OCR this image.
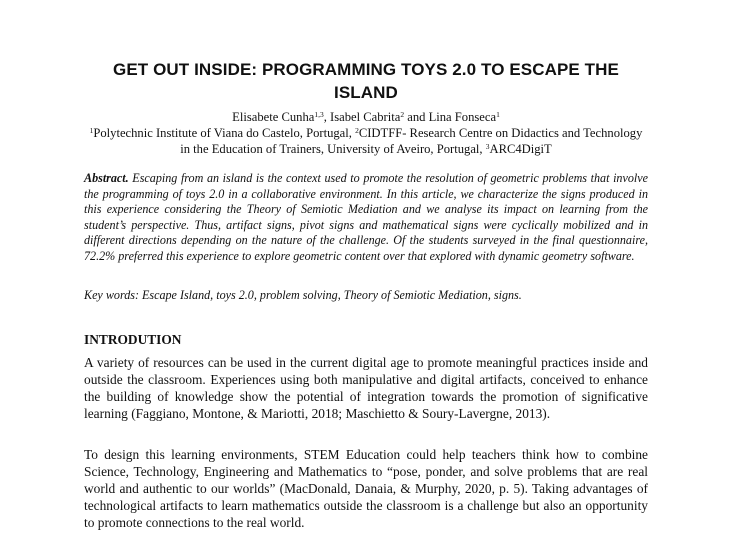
GET OUT INSIDE: PROGRAMMING TOYS 2.0 TO ESCAPE THE ISLAND
Elisabete Cunha$^{1,3}$, Isabel Cabrita$^2$ and Lina Fonseca$^1$
$^1$Polytechnic Institute of Viana do Castelo, Portugal, $^2$CIDTFF- Research Centre on Didactics and Technology in the Education of Trainers, University of Aveiro, Portugal, $^3$ARC4DigiT

Abstract. Escaping from an island is the context used to promote the resolution of geometric problems that involve the programming of toys 2.0 in a collaborative environment. In this article, we characterize the signs produced in this experience considering the Theory of Semiotic Mediation and we analyse its impact on learning from the student’s perspective. Thus, artifact signs, pivot signs and mathematical signs were cyclically mobilized and in different directions depending on the nature of the challenge. Of the students surveyed in the final questionnaire, 72.2% preferred this experience to explore geometric content over that explored with dynamic geometry software.

Key words: Escape Island, toys 2.0, problem solving, Theory of Semiotic Mediation, signs.

INTRODUTION

A variety of resources can be used in the current digital age to promote meaningful practices inside and outside the classroom. Experiences using both manipulative and digital artifacts, conceived to enhance the building of knowledge show the potential of integration towards the promotion of significative learning (Faggiano, Montone, & Mariotti, 2018; Maschietto & Soury-Lavergne, 2013).

To design this learning environments, STEM Education could help teachers think how to combine Science, Technology, Engineering and Mathematics to “pose, ponder, and solve problems that are real world and authentic to our worlds” (MacDonald, Danaia, & Murphy, 2020, p. 5). Taking advantages of technological artifacts to learn mathematics outside the classroom is a challenge but also an opportunity to promote connections to the real world.
